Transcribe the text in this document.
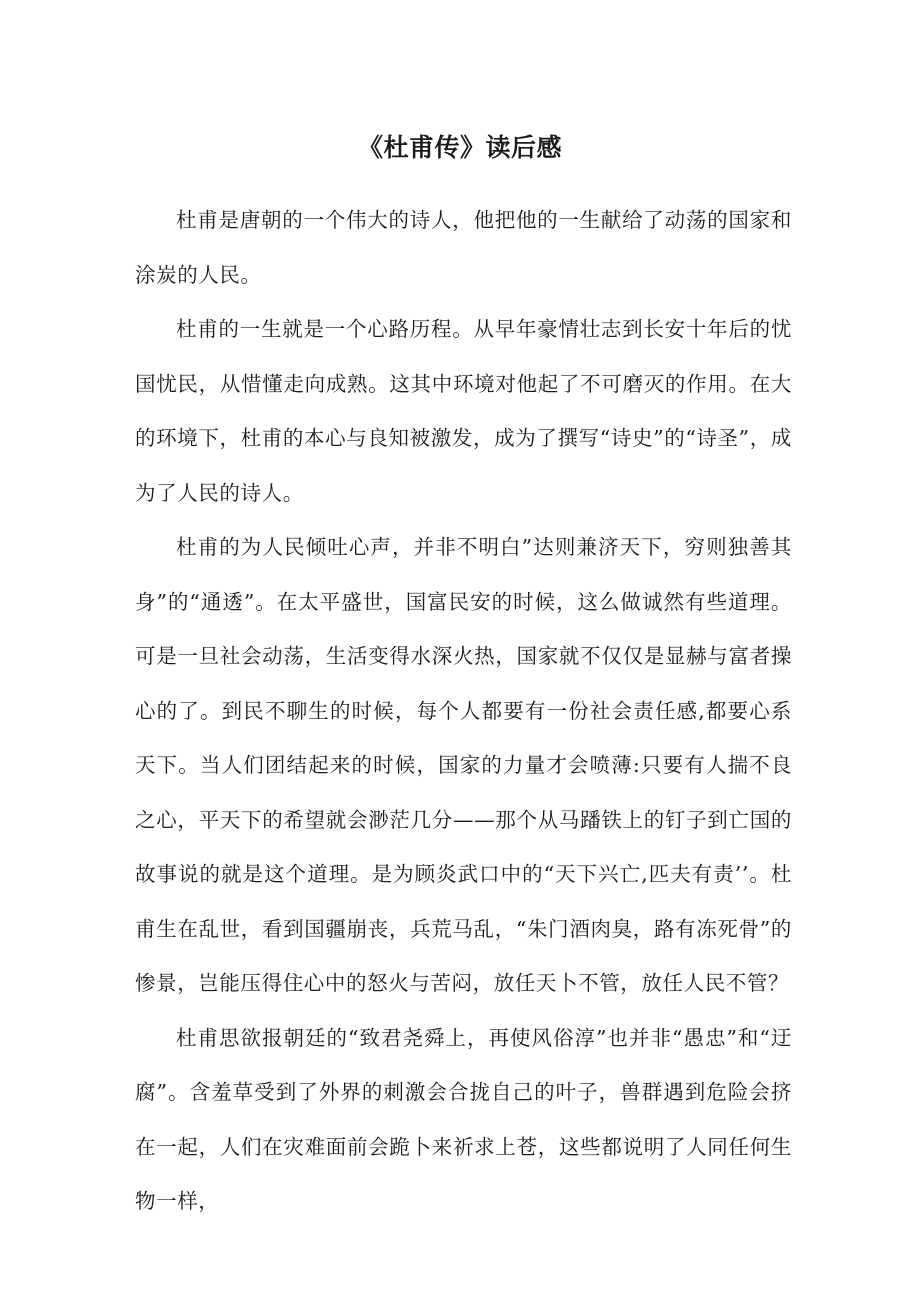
《杜甫传》读后感

杜甫是唐朝的一个伟大的诗人，他把他的一生献给了动荡的国家和涂炭的人民。

杜甫的一生就是一个心路历程。从早年豪情壮志到长安十年后的忧国忧民，从惜懂走向成熟。这其中环境对他起了不可磨灭的作用。在大的环境下，杜甫的本心与良知被激发，成为了撰写“诗史”的“诗圣”，成为了人民的诗人。

杜甫的为人民倾吐心声，并非不明白”达则兼济天下，穷则独善其身”的“通透”。在太平盛世，国富民安的时候，这么做诚然有些道理。可是一旦社会动荡，生活变得水深火热，国家就不仅仅是显赫与富者操心的了。到民不聊生的时候，每个人都要有一份社会责任感,都要心系天下。当人们团结起来的时候，国家的力量才会喷薄:只要有人揣不良之心，平天下的希望就会渺茫几分——那个从马蹯铁上的钉子到亡国的故事说的就是这个道理。是为顾炎武口中的“天下兴亡,匹夫有责’’。杜甫生在乱世，看到国疆崩丧，兵荒马乱，“朱门酒肉臭，路有冻死骨”的惨景，岂能压得住心中的怒火与苦闷，放任天卜不管，放任人民不管？

杜甫思欲报朝廷的“致君尧舜上，再使风俗淳”也并非“愚忠”和“迂腐”。含羞草受到了外界的刺激会合拢自己的叶子，兽群遇到危险会挤在一起，人们在灾难面前会跪卜来祈求上苍，这些都说明了人同任何生物一样，
